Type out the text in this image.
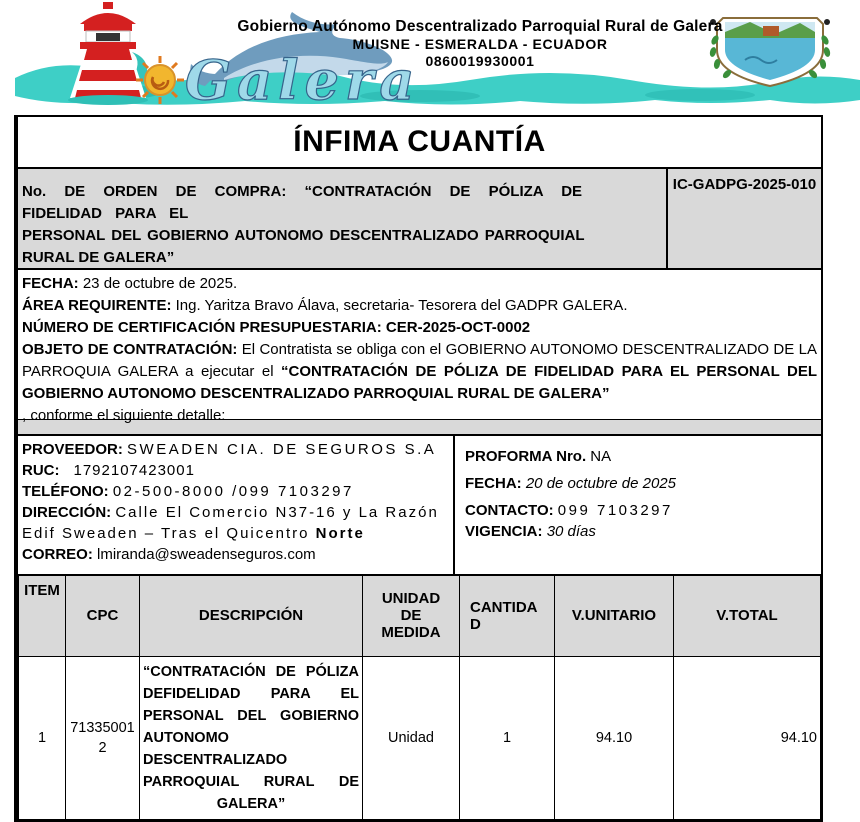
Galera
Gobierno Autónomo Descentralizado Parroquial Rural de Galera
MUISNE - ESMERALDA - ECUADOR
0860019930001
ÍNFIMA CUANTÍA
No. DE ORDEN DE COMPRA: “CONTRATACIÓN DE PÓLIZA DE
FIDELIDAD PARA EL
PERSONAL DEL GOBIERNO AUTONOMO DESCENTRALIZADO PARROQUIAL
RURAL DE GALERA”
IC-GADPG-2025-010

FECHA: 23 de octubre de 2025.

ÁREA REQUIRENTE: Ing. Yaritza Bravo Álava, secretaria- Tesorera del GADPR GALERA.

NÚMERO DE CERTIFICACIÓN PRESUPUESTARIA: CER-2025-OCT-0002

OBJETO DE CONTRATACIÓN: El Contratista se obliga con el GOBIERNO AUTONOMO DESCENTRALIZADO DE LA PARROQUIA GALERA a ejecutar el “CONTRATACIÓN DE PÓLIZA DE FIDELIDAD PARA EL PERSONAL DEL GOBIERNO AUTONOMO DESCENTRALIZADO PARROQUIAL RURAL DE GALERA”

, conforme el siguiente detalle:

PROVEEDOR: SWEADEN CIA. DE SEGUROS S.A
RUC: 1792107423001
TELÉFONO: 02-500-8000 /099 7103297
DIRECCIÓN: Calle El Comercio N37-16 y La Razón Edif Sweaden – Tras el Quicentro Norte
CORREO: lmiranda@sweadenseguros.com

PROFORMA Nro. NA

FECHA: 20 de octubre de 2025

CONTACTO: 099 7103297

VIGENCIA: 30 días

ITEM	CPC	DESCRIPCIÓN	UNIDAD DE MEDIDA	CANTIDAD	V.UNITARIO	V.TOTAL
1	713350012	“CONTRATACIÓN DE PÓLIZA DEFIDELIDAD PARA EL PERSONAL DEL GOBIERNO AUTONOMO DESCENTRALIZADO PARROQUIAL RURAL DE GALERA”	Unidad	1	94.10	94.10
